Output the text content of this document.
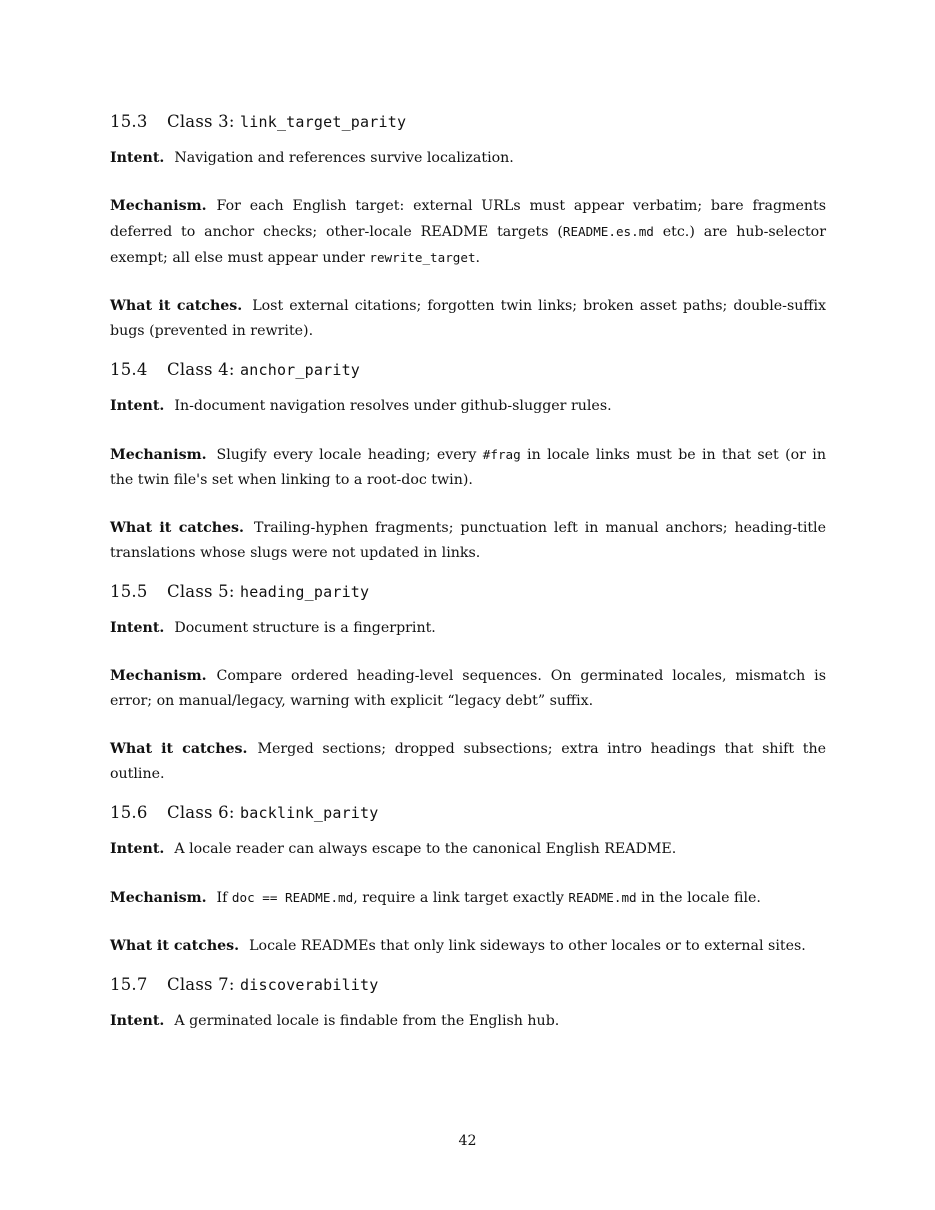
15.3 Class 3: link_target_parity

Intent. Navigation and references survive localization.

Mechanism. For each English target: external URLs must appear verbatim; bare fragments deferred to anchor checks; other-locale README targets (README.es.md etc.) are hub-selector exempt; all else must appear under rewrite_target.

What it catches. Lost external citations; forgotten twin links; broken asset paths; double-suffix bugs (prevented in rewrite).

15.4 Class 4: anchor_parity

Intent. In-document navigation resolves under github-slugger rules.

Mechanism. Slugify every locale heading; every #frag in locale links must be in that set (or in the twin file's set when linking to a root-doc twin).

What it catches. Trailing-hyphen fragments; punctuation left in manual anchors; heading-title translations whose slugs were not updated in links.

15.5 Class 5: heading_parity

Intent. Document structure is a fingerprint.

Mechanism. Compare ordered heading-level sequences. On germinated locales, mismatch is error; on manual/legacy, warning with explicit “legacy debt” suffix.

What it catches. Merged sections; dropped subsections; extra intro headings that shift the outline.

15.6 Class 6: backlink_parity

Intent. A locale reader can always escape to the canonical English README.

Mechanism. If doc == README.md, require a link target exactly README.md in the locale file.

What it catches. Locale READMEs that only link sideways to other locales or to external sites.

15.7 Class 7: discoverability

Intent. A germinated locale is findable from the English hub.

42
